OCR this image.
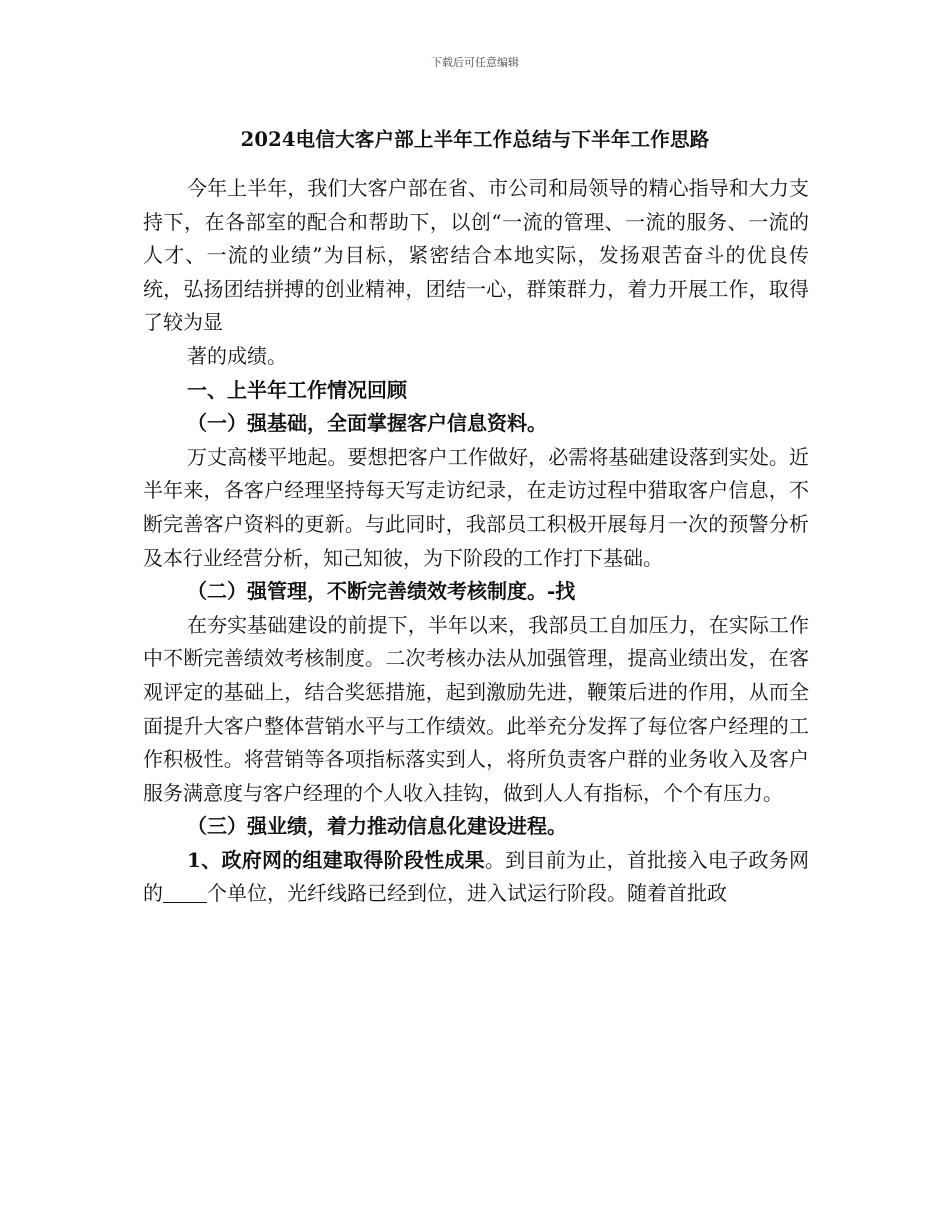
下载后可任意编辑
2024电信大客户部上半年工作总结与下半年工作思路

今年上半年，我们大客户部在省、市公司和局领导的精心指导和大力支持下，在各部室的配合和帮助下，以创“一流的管理、一流的服务、一流的人才、一流的业绩”为目标，紧密结合本地实际，发扬艰苦奋斗的优良传统，弘扬团结拼搏的创业精神，团结一心，群策群力，着力开展工作，取得了较为显

著的成绩。

一、上半年工作情况回顾

（一）强基础，全面掌握客户信息资料。

万丈高楼平地起。要想把客户工作做好，必需将基础建设落到实处。近半年来，各客户经理坚持每天写走访纪录，在走访过程中猎取客户信息，不断完善客户资料的更新。与此同时，我部员工积极开展每月一次的预警分析及本行业经营分析，知己知彼，为下阶段的工作打下基础。

（二）强管理，不断完善绩效考核制度。-找

在夯实基础建设的前提下，半年以来，我部员工自加压力，在实际工作中不断完善绩效考核制度。二次考核办法从加强管理，提高业绩出发，在客观评定的基础上，结合奖惩措施，起到激励先进，鞭策后进的作用，从而全面提升大客户整体营销水平与工作绩效。此举充分发挥了每位客户经理的工作积极性。将营销等各项指标落实到人，将所负责客户群的业务收入及客户服务满意度与客户经理的个人收入挂钩，做到人人有指标，个个有压力。

（三）强业绩，着力推动信息化建设进程。

1、政府网的组建取得阶段性成果。到目前为止，首批接入电子政务网的 个单位，光纤线路已经到位，进入试运行阶段。随着首批政
